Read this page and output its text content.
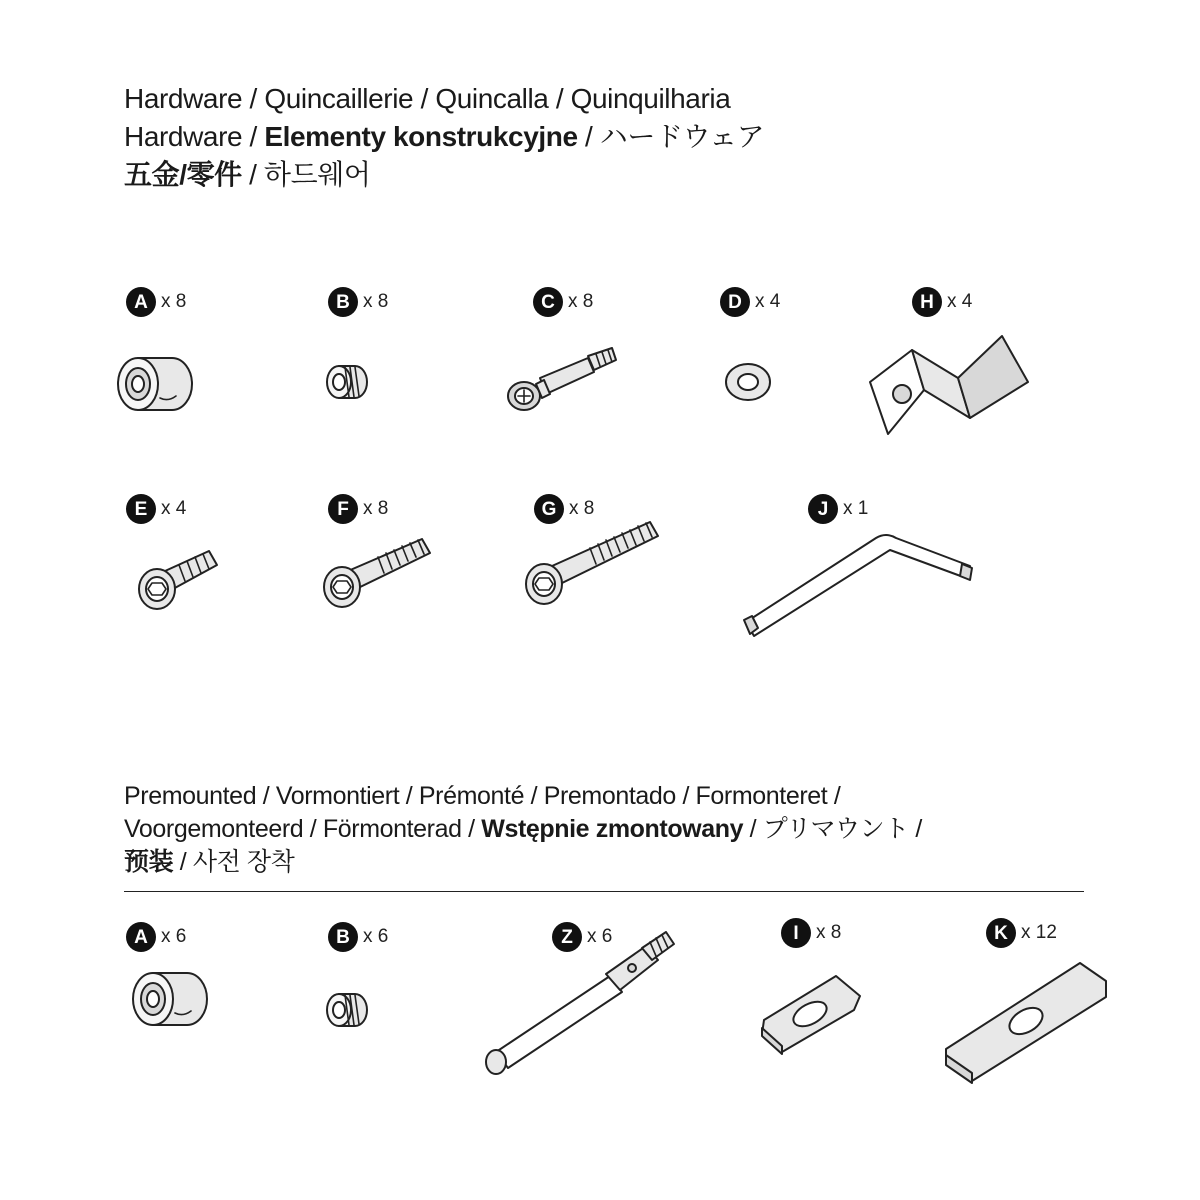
Hardware / Quincaillerie / Quincalla / Quinquilharia
Hardware / Elementy konstrukcyjne / ハードウェア
五金/零件 / 하드웨어
A x 8	B x 8	C x 8	D x 4	H x 4
E x 4	F x 8	G x 8	J x 1
Premounted / Vormontiert / Prémonté / Premontado / Formonteret /
Voorgemonteerd / Förmonterad / Wstępnie zmontowany / プリマウント /
预装 / 사전 장착
A x 6	B x 6	Z x 6	I x 8	K x 12
